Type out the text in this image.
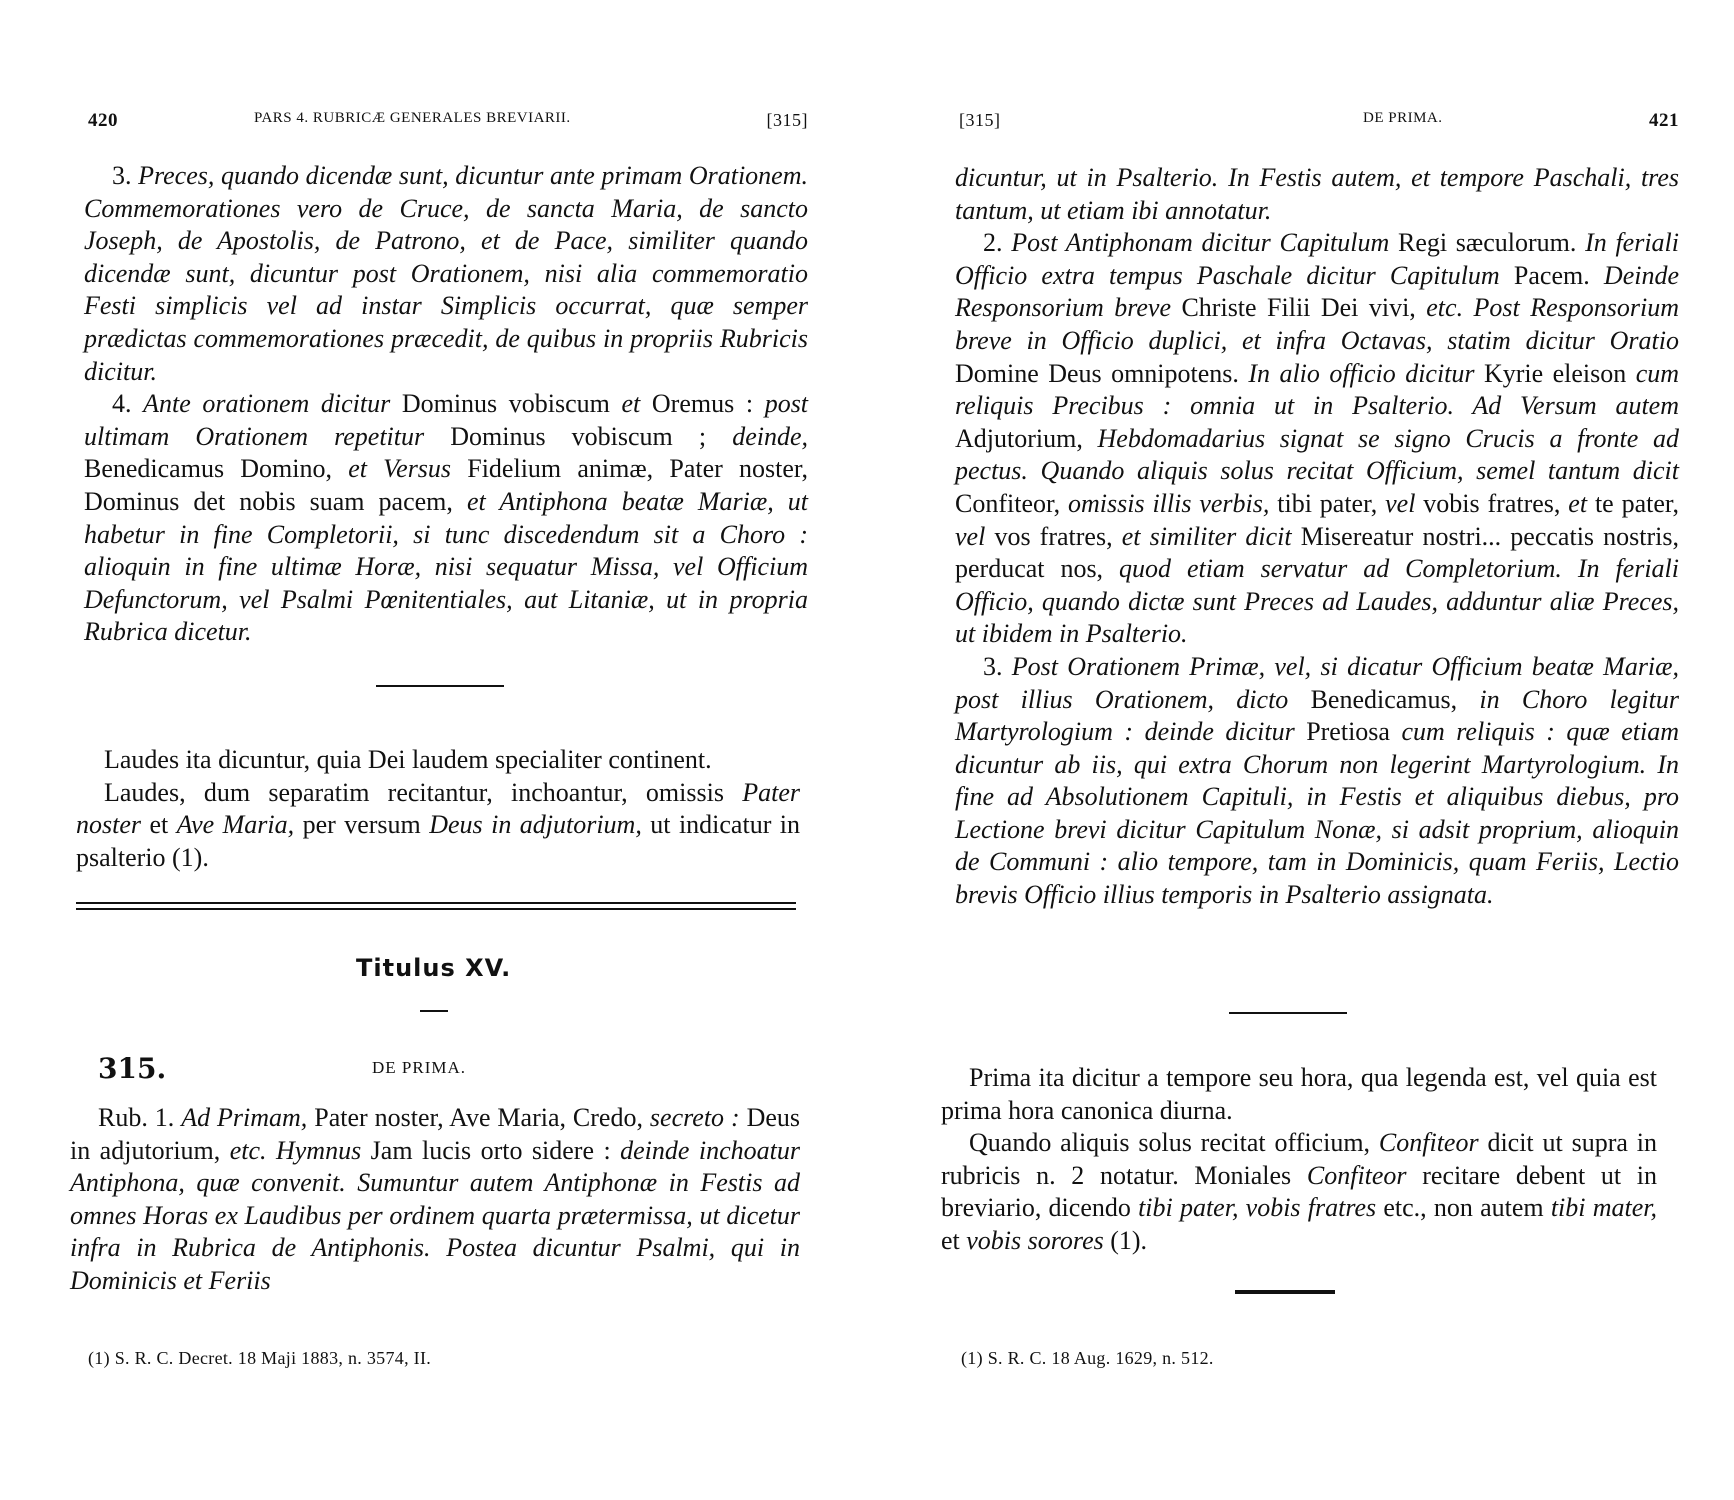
420	PARS 4. RUBRICÆ GENERALES BREVIARII.	[315]

3. Preces, quando dicendæ sunt, dicuntur ante primam Orationem. Commemorationes vero de Cruce, de sancta Maria, de sancto Joseph, de Apostolis, de Patrono, et de Pace, similiter quando dicendæ sunt, dicuntur post Orationem, nisi alia commemoratio Festi simplicis vel ad instar Simplicis occurrat, quæ semper prædictas commemorationes præcedit, de quibus in propriis Rubricis dicitur.

4. Ante orationem dicitur Dominus vobiscum et Oremus : post ultimam Orationem repetitur Dominus vobiscum ; deinde, Benedicamus Domino, et Versus Fidelium animæ, Pater noster, Dominus det nobis suam pacem, et Antiphona beatæ Mariæ, ut habetur in fine Completorii, si tunc discedendum sit a Choro : alioquin in fine ultimæ Horæ, nisi sequatur Missa, vel Officium Defunctorum, vel Psalmi Pœnitentiales, aut Litaniæ, ut in propria Rubrica dicetur.

Laudes ita dicuntur, quia Dei laudem specialiter continent.

Laudes, dum separatim recitantur, inchoantur, omissis Pater noster et Ave Maria, per versum Deus in adjutorium, ut indicatur in psalterio (1).

Titulus XV.
315.	DE PRIMA.

Rub. 1. Ad Primam, Pater noster, Ave Maria, Credo, secreto : Deus in adjutorium, etc. Hymnus Jam lucis orto sidere : deinde inchoatur Antiphona, quæ convenit. Sumuntur autem Antiphonæ in Festis ad omnes Horas ex Laudibus per ordinem quarta prætermissa, ut dicetur infra in Rubrica de Antiphonis. Postea dicuntur Psalmi, qui in Dominicis et Feriis

(1) S. R. C. Decret. 18 Maji 1883, n. 3574, II.
[315]	DE PRIMA.	421

dicuntur, ut in Psalterio. In Festis autem, et tempore Paschali, tres tantum, ut etiam ibi annotatur.

2. Post Antiphonam dicitur Capitulum Regi sæculorum. In feriali Officio extra tempus Paschale dicitur Capitulum Pacem. Deinde Responsorium breve Christe Filii Dei vivi, etc. Post Responsorium breve in Officio duplici, et infra Octavas, statim dicitur Oratio Domine Deus omnipotens. In alio officio dicitur Kyrie eleison cum reliquis Precibus : omnia ut in Psalterio. Ad Versum autem Adjutorium, Hebdomadarius signat se signo Crucis a fronte ad pectus. Quando aliquis solus recitat Officium, semel tantum dicit Confiteor, omissis illis verbis, tibi pater, vel vobis fratres, et te pater, vel vos fratres, et similiter dicit Misereatur nostri... peccatis nostris, perducat nos, quod etiam servatur ad Completorium. In feriali Officio, quando dictæ sunt Preces ad Laudes, adduntur aliæ Preces, ut ibidem in Psalterio.

3. Post Orationem Primæ, vel, si dicatur Officium beatæ Mariæ, post illius Orationem, dicto Benedicamus, in Choro legitur Martyrologium : deinde dicitur Pretiosa cum reliquis : quæ etiam dicuntur ab iis, qui extra Chorum non legerint Martyrologium. In fine ad Absolutionem Capituli, in Festis et aliquibus diebus, pro Lectione brevi dicitur Capitulum Nonæ, si adsit proprium, alioquin de Communi : alio tempore, tam in Dominicis, quam Feriis, Lectio brevis Officio illius temporis in Psalterio assignata.

Prima ita dicitur a tempore seu hora, qua legenda est, vel quia est prima hora canonica diurna.

Quando aliquis solus recitat officium, Confiteor dicit ut supra in rubricis n. 2 notatur. Moniales Confiteor recitare debent ut in breviario, dicendo tibi pater, vobis fratres etc., non autem tibi mater, et vobis sorores (1).

(1) S. R. C. 18 Aug. 1629, n. 512.
